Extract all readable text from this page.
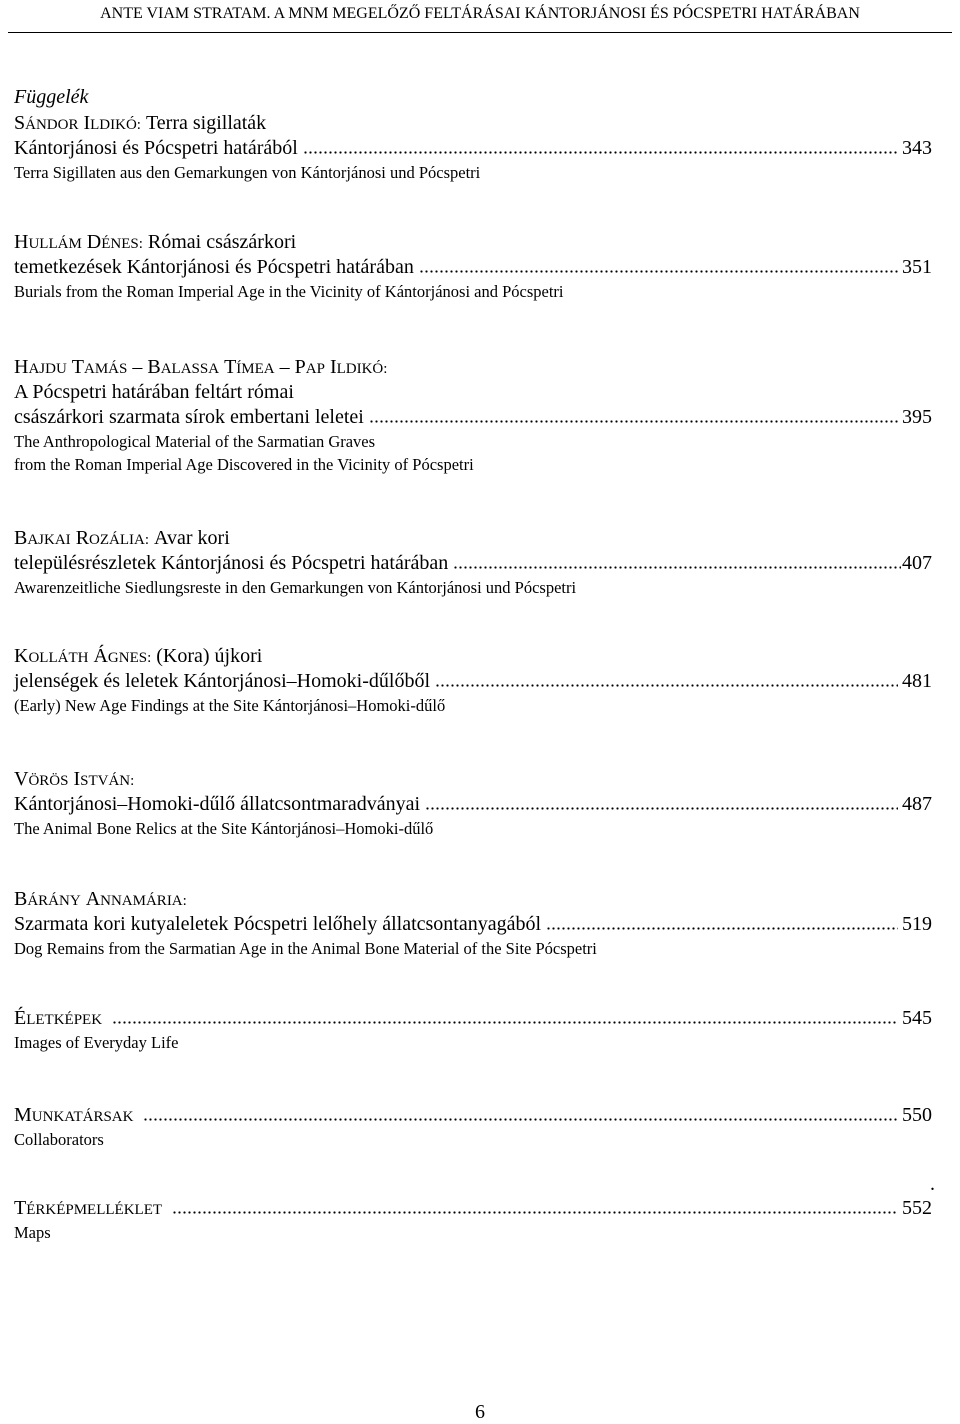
ANTE VIAM STRATAM. A MNM MEGELŐZŐ FELTÁRÁSAI KÁNTORJÁNOSI ÉS PÓCSPETRI HATÁRÁBAN
Függelék
SÁNDOR ILDIKÓ: Terra sigillaták
Kántorjánosi és Pócspetri határából	343
Terra Sigillaten aus den Gemarkungen von Kántorjánosi und Pócspetri
HULLÁM DÉNES: Római császárkori
temetkezések Kántorjánosi és Pócspetri határában	351
Burials from the Roman Imperial Age in the Vicinity of Kántorjánosi and Pócspetri
HAJDU TAMÁS – BALASSA TÍMEA – PAP ILDIKÓ:
A Pócspetri határában feltárt római
császárkori szarmata sírok embertani leletei	395
The Anthropological Material of the Sarmatian Graves
from the Roman Imperial Age Discovered in the Vicinity of Pócspetri
BAJKAI ROZÁLIA: Avar kori
településrészletek Kántorjánosi és Pócspetri határában	407
Awarenzeitliche Siedlungsreste in den Gemarkungen von Kántorjánosi und Pócspetri
KOLLÁTH ÁGNES: (Kora) újkori
jelenségek és leletek Kántorjánosi–Homoki-dűlőből	481
(Early) New Age Findings at the Site Kántorjánosi–Homoki-dűlő
VÖRÖS ISTVÁN:
Kántorjánosi–Homoki-dűlő állatcsontmaradványai	487
The Animal Bone Relics at the Site Kántorjánosi–Homoki-dűlő
BÁRÁNY ANNAMÁRIA:
Szarmata kori kutyaleletek Pócspetri lelőhely állatcsontanyagából	519
Dog Remains from the Sarmatian Age in the Animal Bone Material of the Site Pócspetri
ÉLETKÉPEK	545
Images of Everyday Life
MUNKATÁRSAK	550
Collaborators
TÉRKÉPMELLÉKLET	552
Maps
.
6
